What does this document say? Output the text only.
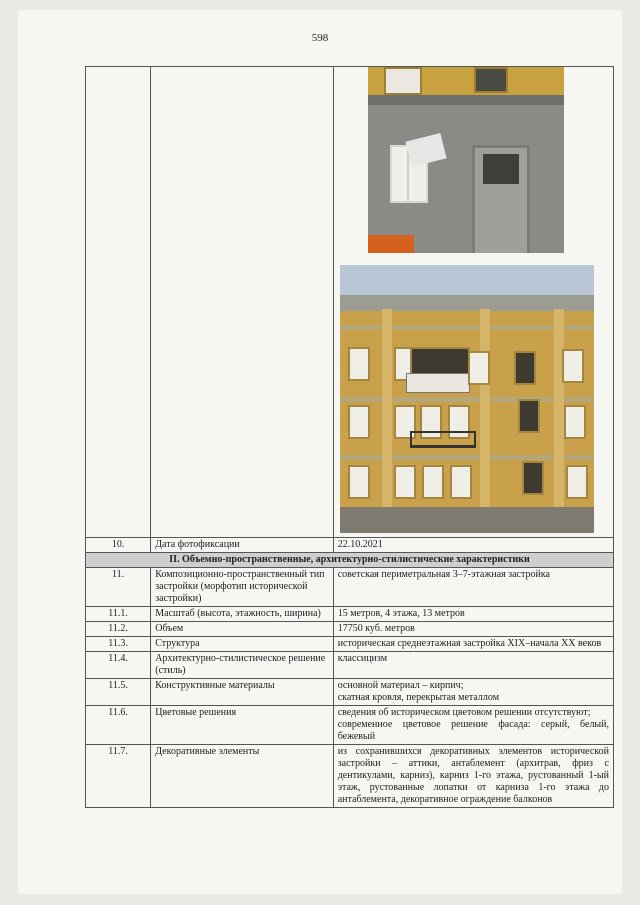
598

10.	Дата фотофиксации	22.10.2021
II. Объемно-пространственные, архитектурно-стилистические характеристики		
11.	Композиционно-пространственный тип застройки (морфотип исторической застройки)	советская периметральная 3–7-этажная застройка
11.1.	Масштаб (высота, этажность, ширина)	15 метров, 4 этажа, 13 метров
11.2.	Объем	17750 куб. метров
11.3.	Структура	историческая среднеэтажная застройка XIX–начала XX веков
11.4.	Архитектурно-стилистическое решение (стиль)	классицизм
11.5.	Конструктивные материалы	основной материал – кирпич;
скатная кровля, перекрытая металлом

11.6.	Цветовые решения	сведения об историческом цветовом решении отсутствуют;
современное цветовое решение фасада: серый, белый, бежевый

11.7.	Декоративные элементы	из сохранившихся декоративных элементов исторической застройки – аттики, антаблемент (архитрав, фриз с дентикулами, карниз), карниз 1-го этажа, рустованный 1-ый этаж, рустованные лопатки от карниза 1-го этажа до антаблемента, декоративное ограждение балконов
